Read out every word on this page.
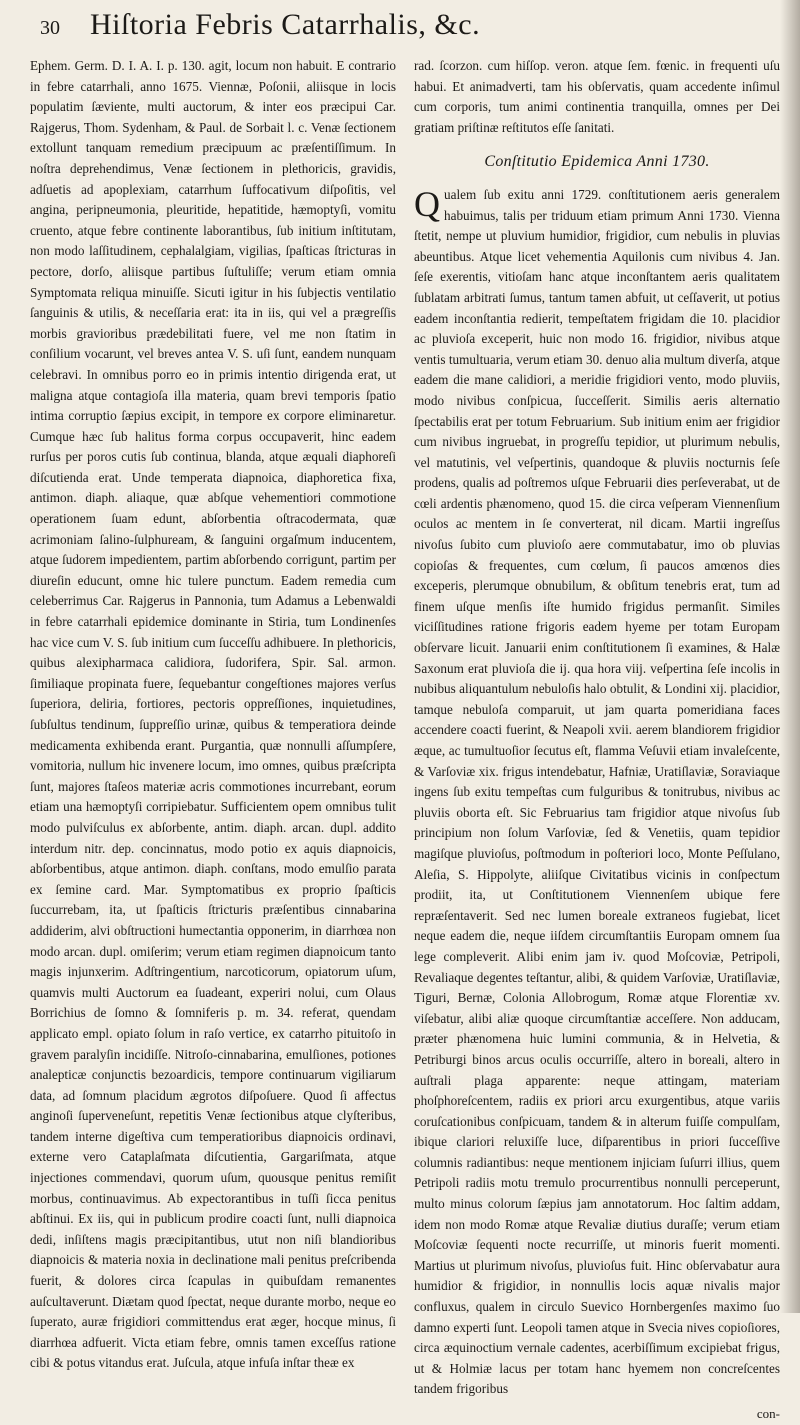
30	Hiſtoria Febris Catarrhalis, &c.

Ephem. Germ. D. I. A. I. p. 130. agit, locum non habuit. E contrario in febre catarrhali, anno 1675. Viennæ, Poſonii, aliisque in locis populatim ſæviente, multi auctorum, & inter eos præcipui Car. Rajgerus, Thom. Sydenham, & Paul. de Sorbait l. c. Venæ ſectionem extollunt tanquam remedium præcipuum ac præſentiſſimum. In noſtra deprehendimus, Venæ ſectionem in plethoricis, gravidis, adſuetis ad apoplexiam, catarrhum ſuffocativum diſpoſitis, vel angina, peripneumonia, pleuritide, hepatitide, hæmoptyſi, vomitu cruento, atque febre continente laborantibus, ſub initium inſtitutam, non modo laſſitudinem, cephalalgiam, vigilias, ſpaſticas ſtricturas in pectore, dorſo, aliisque partibus ſuſtuliſſe; verum etiam omnia Symptomata reliqua minuiſſe. Sicuti igitur in his ſubjectis ventilatio ſanguinis & utilis, & neceſſaria erat: ita in iis, qui vel a prægreſſis morbis gravioribus prædebilitati fuere, vel me non ſtatim in conſilium vocarunt, vel breves antea V. S. uſi ſunt, eandem nunquam celebravi. In omnibus porro eo in primis intentio dirigenda erat, ut maligna atque contagioſa illa materia, quam brevi temporis ſpatio intima corruptio ſæpius excipit, in tempore ex corpore eliminaretur. Cumque hæc ſub halitus forma corpus occupaverit, hinc eadem rurſus per poros cutis ſub continua, blanda, atque æquali diaphoreſi diſcutienda erat. Unde temperata diapnoica, diaphoretica fixa, antimon. diaph. aliaque, quæ abſque vehementiori commotione operationem ſuam edunt, abſorbentia oſtracodermata, quæ acrimoniam ſalino-ſulphuream, & ſanguini orgaſmum inducentem, atque ſudorem impedientem, partim abſorbendo corrigunt, partim per diureſin educunt, omne hic tulere punctum. Eadem remedia cum celeberrimus Car. Rajgerus in Pannonia, tum Adamus a Lebenwaldi in febre catarrhali epidemice dominante in Stiria, tum Londinenſes hac vice cum V. S. ſub initium cum ſucceſſu adhibuere. In plethoricis, quibus alexipharmaca calidiora, ſudorifera, Spir. Sal. armon. ſimiliaque propinata fuere, ſequebantur congeſtiones majores verſus ſuperiora, deliria, fortiores, pectoris oppreſſiones, inquietudines, ſubſultus tendinum, ſuppreſſio urinæ, quibus & temperatiora deinde medicamenta exhibenda erant. Purgantia, quæ nonnulli aſſumpſere, vomitoria, nullum hic invenere locum, imo omnes, quibus præſcripta ſunt, majores ſtaſeos materiæ acris commotiones incurrebant, eorum etiam una hæmoptyſi corripiebatur. Sufficientem opem omnibus tulit modo pulviſculus ex abſorbente, antim. diaph. arcan. dupl. addito interdum nitr. dep. concinnatus, modo potio ex aquis diapnoicis, abſorbentibus, atque antimon. diaph. conſtans, modo emulſio parata ex ſemine card. Mar. Symptomatibus ex proprio ſpaſticis ſuccurrebam, ita, ut ſpaſticis ſtricturis præſentibus cinnabarina addiderim, alvi obſtructioni humectantia opponerim, in diarrhœa non modo arcan. dupl. omiſerim; verum etiam regimen diapnoicum tanto magis injunxerim. Adſtringentium, narcoticorum, opiatorum uſum, quamvis multi Auctorum ea ſuadeant, experiri nolui, cum Olaus Borrichius de ſomno & ſomniferis p. m. 34. referat, quendam applicato empl. opiato ſolum in raſo vertice, ex catarrho pituitoſo in gravem paralyſin incidiſſe. Nitroſo-cinnabarina, emulſiones, potiones analepticæ conjunctis bezoardicis, tempore continuarum vigiliarum data, ad ſomnum placidum ægrotos diſpoſuere. Quod ſi affectus anginoſi ſuperveneſunt, repetitis Venæ ſectionibus atque clyſteribus, tandem interne digeſtiva cum temperatioribus diapnoicis ordinavi, externe vero Cataplaſmata diſcutientia, Gargariſmata, atque injectiones commendavi, quorum uſum, quousque penitus remiſit morbus, continuavimus. Ab expectorantibus in tuſſi ſicca penitus abſtinui. Ex iis, qui in publicum prodire coacti ſunt, nulli diapnoica dedi, inſiſtens magis præcipitantibus, utut non niſi blandioribus diapnoicis & materia noxia in declinatione mali penitus preſcribenda fuerit, & dolores circa ſcapulas in quibuſdam remanentes auſcultaverunt. Diætam quod ſpectat, neque durante morbo, neque eo ſuperato, auræ frigidiori committendus erat æger, hocque minus, ſi diarrhœa adfuerit. Victa etiam febre, omnis tamen exceſſus ratione cibi & potus vitandus erat. Juſcula, atque infuſa inſtar theæ ex

rad. ſcorzon. cum hiſſop. veron. atque ſem. fœnic. in frequenti uſu habui. Et animadverti, tam his obſervatis, quam accedente inſimul cum corporis, tum animi continentia tranquilla, omnes per Dei gratiam priſtinæ reſtitutos eſſe ſanitati.

Conſtitutio Epidemica Anni 1730.

Qualem ſub exitu anni 1729. conſtitutionem aeris generalem habuimus, talis per triduum etiam primum Anni 1730. Vienna ſtetit, nempe ut pluvium humidior, frigidior, cum nebulis in pluvias abeuntibus. Atque licet vehementia Aquilonis cum nivibus 4. Jan. ſeſe exerentis, vitioſam hanc atque inconſtantem aeris qualitatem ſublatam arbitrati ſumus, tantum tamen abfuit, ut ceſſaverit, ut potius eadem inconſtantia redierit, tempeſtatem frigidam die 10. placidior ac pluvioſa exceperit, huic non modo 16. frigidior, nivibus atque ventis tumultuaria, verum etiam 30. denuo alia multum diverſa, atque eadem die mane calidiori, a meridie frigidiori vento, modo pluviis, modo nivibus conſpicua, ſucceſſerit. Similis aeris alternatio ſpectabilis erat per totum Februarium. Sub initium enim aer frigidior cum nivibus ingruebat, in progreſſu tepidior, ut plurimum nebulis, vel matutinis, vel veſpertinis, quandoque & pluviis nocturnis ſeſe prodens, qualis ad poſtremos uſque Februarii dies perſeverabat, ut de cœli ardentis phænomeno, quod 15. die circa veſperam Viennenſium oculos ac mentem in ſe converterat, nil dicam. Martii ingreſſus nivoſus ſubito cum pluvioſo aere commutabatur, imo ob pluvias copioſas & frequentes, cum cœlum, ſi paucos amœnos dies exceperis, plerumque obnubilum, & obſitum tenebris erat, tum ad finem uſque menſis iſte humido frigidus permanſit. Similes viciſſitudines ratione frigoris eadem hyeme per totam Europam obſervare licuit. Januarii enim conſtitutionem ſi examines, & Halæ Saxonum erat pluvioſa die ij. qua hora viij. veſpertina ſeſe incolis in nubibus aliquantulum nebuloſis halo obtulit, & Londini xij. placidior, tamque nebuloſa comparuit, ut jam quarta pomeridiana faces accendere coacti fuerint, & Neapoli xvii. aerem blandiorem frigidior æque, ac tumultuoſior ſecutus eſt, flamma Veſuvii etiam invaleſcente, & Varſoviæ xix. frigus intendebatur, Hafniæ, Uratiſlaviæ, Soraviaque ingens ſub exitu tempeſtas cum fulguribus & tonitrubus, nivibus ac pluviis oborta eſt. Sic Februarius tam frigidior atque nivoſus ſub principium non ſolum Varſoviæ, ſed & Venetiis, quam tepidior magiſque pluvioſus, poſtmodum in poſteriori loco, Monte Peſſulano, Aleſia, S. Hippolyte, aliiſque Civitatibus vicinis in conſpectum prodiit, ita, ut Conſtitutionem Viennenſem ubique fere repræſentaverit. Sed nec lumen boreale extraneos fugiebat, licet neque eadem die, neque iiſdem circumſtantiis Europam omnem ſua lege compleverit. Alibi enim jam iv. quod Moſcoviæ, Petripoli, Revaliaque degentes teſtantur, alibi, & quidem Varſoviæ, Uratiſlaviæ, Tiguri, Bernæ, Colonia Allobrogum, Romæ atque Florentiæ xv. viſebatur, alibi aliæ quoque circumſtantiæ acceſſere. Non adducam, præter phænomena huic lumini communia, & in Helvetia, & Petriburgi binos arcus oculis occurriſſe, altero in boreali, altero in auſtrali plaga apparente: neque attingam, materiam phoſphoreſcentem, radiis ex priori arcu exurgentibus, atque variis coruſcationibus conſpicuam, tandem & in alterum fuiſſe compulſam, ibique clariori reluxiſſe luce, diſparentibus in priori ſucceſſive columnis radiantibus: neque mentionem injiciam ſuſurri illius, quem Petripoli radiis motu tremulo procurrentibus nonnulli perceperunt, multo minus colorum ſæpius jam annotatorum. Hoc ſaltim addam, idem non modo Romæ atque Revaliæ diutius duraſſe; verum etiam Moſcoviæ ſequenti nocte recurriſſe, ut minoris fuerit momenti. Martius ut plurimum nivoſus, pluvioſus fuit. Hinc obſervabatur aura humidior & frigidior, in nonnullis locis aquæ nivalis major confluxus, qualem in circulo Suevico Hornbergenſes maximo ſuo damno experti ſunt. Leopoli tamen atque in Svecia nives copioſiores, circa æquinoctium vernale cadentes, acerbiſſimum excipiebat frigus, ut & Holmiæ lacus per totam hanc hyemem non concreſcentes tandem frigoribus

con-
